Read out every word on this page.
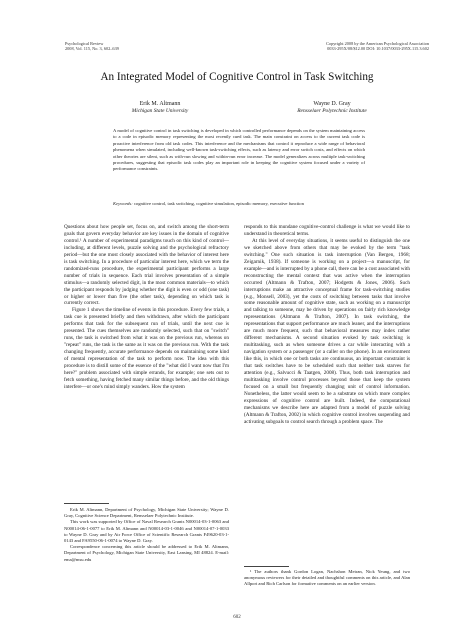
Psychological Review
2008, Vol. 115, No. 3, 602–639
Copyright 2008 by the American Psychological Association
0033-295X/08/$12.00 DOI: 10.1037/0033-295X.115.3.602
An Integrated Model of Cognitive Control in Task Switching
Erik M. Altmann
Michigan State University
Wayne D. Gray
Rensselaer Polytechnic Institute
A model of cognitive control in task switching is developed in which controlled performance depends on the system maintaining access to a code in episodic memory representing the most recently cued task. The main constraint on access to the current task code is proactive interference from old task codes. This interference and the mechanisms that control it reproduce a wide range of behavioral phenomena when simulated, including well-known task-switching effects, such as latency and error switch costs, and effects on which other theories are silent, such as with-run slowing and within-run error increase. The model generalizes across multiple task-switching procedures, suggesting that episodic task codes play an important role in keeping the cognitive system focused under a variety of performance constraints.
Keywords: cognitive control, task switching, cognitive simulation, episodic memory, executive function

Questions about how people set, focus on, and switch among the short-term goals that govern everyday behavior are key issues in the domain of cognitive control.¹ A number of experimental paradigms touch on this kind of control—including, at different levels, puzzle solving and the psychological refractory period—but the one most closely associated with the behavior of interest here is task switching. In a procedure of particular interest here, which we term the randomized-runs procedure, the experimental participant performs a large number of trials in sequence. Each trial involves presentation of a simple stimulus—a randomly selected digit, in the most common materials—to which the participant responds by judging whether the digit is even or odd (one task) or higher or lower than five (the other task), depending on which task is currently correct.

Figure 1 shows the timeline of events in this procedure. Every few trials, a task cue is presented briefly and then withdrawn, after which the participant performs that task for the subsequent run of trials, until the next cue is presented. The cues themselves are randomly selected, such that on "switch" runs, the task is switched from what it was on the previous run, whereas on "repeat" runs, the task is the same as it was on the previous run. With the task changing frequently, accurate performance depends on maintaining some kind of mental representation of the task to perform now. The idea with this procedure is to distill some of the essence of the "what did I want now that I'm here?" problem associated with simple errands, for example; one sets out to fetch something, having fetched many similar things before, and the old things interfere—or one's mind simply wanders. How the system

responds to this mundane cognitive-control challenge is what we would like to understand in theoretical terms.

At this level of everyday situations, it seems useful to distinguish the one we sketched above from others that may be evoked by the term "task switching." One such situation is task interruption (Van Bergen, 1968; Zeigarnik, 1938). If someone is working on a project—a manuscript, for example—and is interrupted by a phone call, there can be a cost associated with reconstructing the mental context that was active when the interruption occurred (Altmann & Trafton, 2007; Hodgetts & Jones, 2006). Such interruptions make an attractive conceptual frame for task-switching studies (e.g., Monsell, 2003), yet the costs of switching between tasks that involve some reasonable amount of cognitive state, such as working on a manuscript and talking to someone, may be driven by operations on fairly rich knowledge representations (Altmann & Trafton, 2007). In task switching, the representations that support performance are much leaner, and the interruptions are much more frequent, such that behavioral measures may index rather different mechanisms. A second situation evoked by task switching is multitasking, such as when someone drives a car while interacting with a navigation system or a passenger (or a caller on the phone). In an environment like this, in which one or both tasks are continuous, an important constraint is that task switches have to be scheduled such that neither task starves for attention (e.g., Salvucci & Taatgen, 2008). Thus, both task interruption and multitasking involve control processes beyond those that keep the system focused on a small but frequently changing unit of control information. Nonetheless, the latter would seem to be a substrate on which more complex expressions of cognitive control are built. Indeed, the computational mechanisms we describe here are adapted from a model of puzzle solving (Altmann & Trafton, 2002) in which cognitive control involves suspending and activating subgoals to control search through a problem space. The

Erik M. Altmann, Department of Psychology, Michigan State University; Wayne D. Gray, Cognitive Science Department, Rensselaer Polytechnic Institute.

This work was supported by Office of Naval Research Grants N00014-03-1-0063 and N00014-06-1-0077 to Erik M. Altmann and N00014-03-1-0046 and N00014-07-1-0033 to Wayne D. Gray and by Air Force Office of Scientific Research Grants F49620-03-1-0143 and FA9550-06-1-0074 to Wayne D. Gray.

Correspondence concerning this article should be addressed to Erik M. Altmann, Department of Psychology, Michigan State University, East Lansing, MI 48824. E-mail: ema@msu.edu

¹ The authors thank Gordon Logan, Nachshon Meiran, Nick Yeung, and two anonymous reviewers for their detailed and thoughtful comments on this article, and Alan Allport and Rich Carlson for formative comments on an earlier version.

602
